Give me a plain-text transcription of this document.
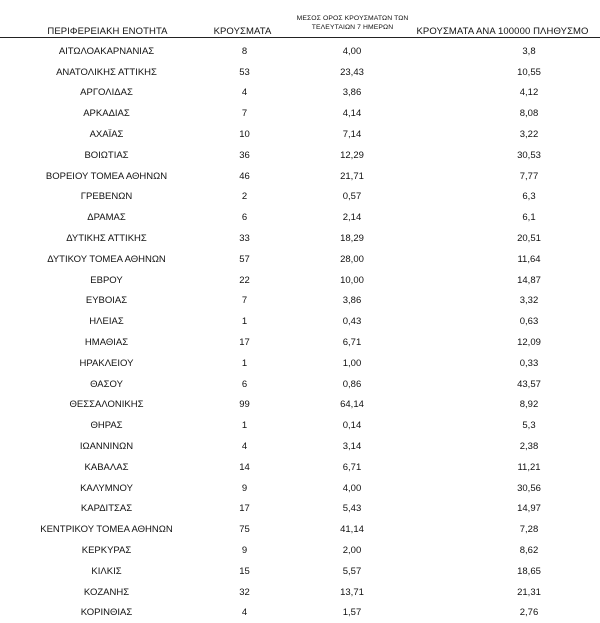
ΠΕΡΙΦΕΡΕΙΑΚΗ ΕΝΟΤΗΤΑ	ΚΡΟΥΣΜΑΤΑ
ΜΕΣΟΣ ΟΡΟΣ ΚΡΟΥΣΜΑΤΩΝ ΤΩΝ
ΤΕΛΕΥΤΑΙΩΝ 7 ΗΜΕΡΩΝ	ΚΡΟΥΣΜΑΤΑ ΑΝΑ 100000 ΠΛΗΘΥΣΜΟ
ΑΙΤΩΛΟΑΚΑΡΝΑΝΙΑΣ	8	4,00	3,8
ΑΝΑΤΟΛΙΚΗΣ ΑΤΤΙΚΗΣ	53	23,43	10,55
ΑΡΓΟΛΙΔΑΣ	4	3,86	4,12
ΑΡΚΑΔΙΑΣ	7	4,14	8,08
ΑΧΑΪΑΣ	10	7,14	3,22
ΒΟΙΩΤΙΑΣ	36	12,29	30,53
ΒΟΡΕΙΟΥ ΤΟΜΕΑ ΑΘΗΝΩΝ	46	21,71	7,77
ΓΡΕΒΕΝΩΝ	2	0,57	6,3
ΔΡΑΜΑΣ	6	2,14	6,1
ΔΥΤΙΚΗΣ ΑΤΤΙΚΗΣ	33	18,29	20,51
ΔΥΤΙΚΟΥ ΤΟΜΕΑ ΑΘΗΝΩΝ	57	28,00	11,64
ΕΒΡΟΥ	22	10,00	14,87
ΕΥΒΟΙΑΣ	7	3,86	3,32
ΗΛΕΙΑΣ	1	0,43	0,63
ΗΜΑΘΙΑΣ	17	6,71	12,09
ΗΡΑΚΛΕΙΟΥ	1	1,00	0,33
ΘΑΣΟΥ	6	0,86	43,57
ΘΕΣΣΑΛΟΝΙΚΗΣ	99	64,14	8,92
ΘΗΡΑΣ	1	0,14	5,3
ΙΩΑΝΝΙΝΩΝ	4	3,14	2,38
ΚΑΒΑΛΑΣ	14	6,71	11,21
ΚΑΛΥΜΝΟΥ	9	4,00	30,56
ΚΑΡΔΙΤΣΑΣ	17	5,43	14,97
ΚΕΝΤΡΙΚΟΥ ΤΟΜΕΑ ΑΘΗΝΩΝ	75	41,14	7,28
ΚΕΡΚΥΡΑΣ	9	2,00	8,62
ΚΙΛΚΙΣ	15	5,57	18,65
ΚΟΖΑΝΗΣ	32	13,71	21,31
ΚΟΡΙΝΘΙΑΣ	4	1,57	2,76
